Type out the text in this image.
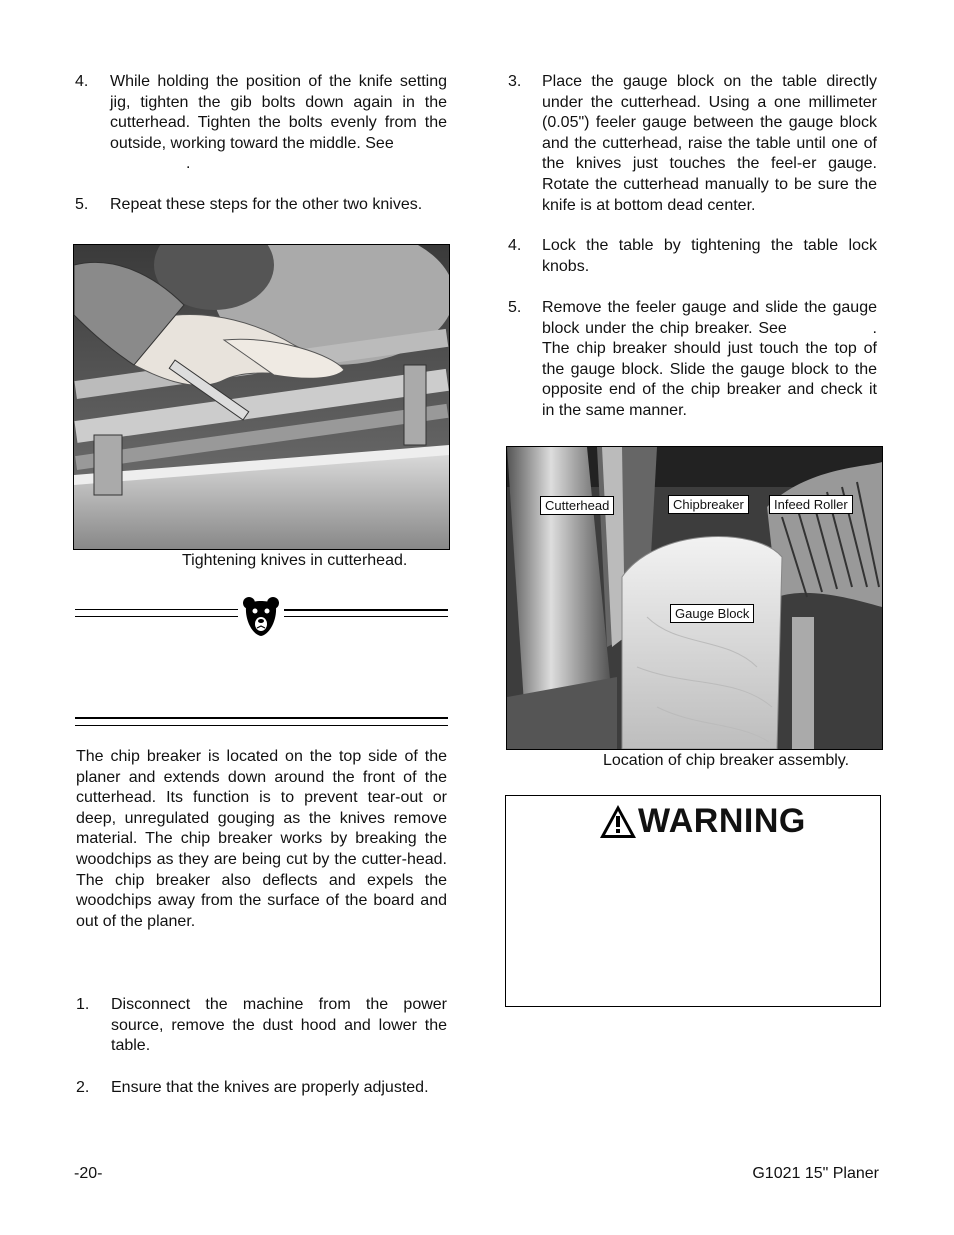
4. While holding the position of the knife setting jig, tighten the gib bolts down again in the cutterhead. Tighten the bolts evenly from the outside, working toward the middle. See
.
5. Repeat these steps for the other two knives.
Tightening knives in cutterhead.
The chip breaker is located on the top side of the planer and extends down around the front of the cutterhead. Its function is to prevent tear-out or deep, unregulated gouging as the knives remove material. The chip breaker works by breaking the woodchips as they are being cut by the cutter-head. The chip breaker also deflects and expels the woodchips away from the surface of the board and out of the planer.
1. Disconnect the machine from the power source, remove the dust hood and lower the table.
2. Ensure that the knives are properly adjusted.
3. Place the gauge block on the table directly under the cutterhead. Using a one millimeter (0.05") feeler gauge between the gauge block and the cutterhead, raise the table until one of the knives just touches the feel-er gauge. Rotate the cutterhead manually to be sure the knife is at bottom dead center.
4. Lock the table by tightening the table lock knobs.
5. Remove the feeler gauge and slide the gauge block under the chip breaker. See	. The chip breaker should just touch the top of the gauge block. Slide the gauge block to the opposite end of the chip breaker and check it in the same manner.
Cutterhead	Chipbreaker	Infeed Roller
Gauge Block
Location of chip breaker assembly.
WARNING
-20-	G1021 15" Planer
